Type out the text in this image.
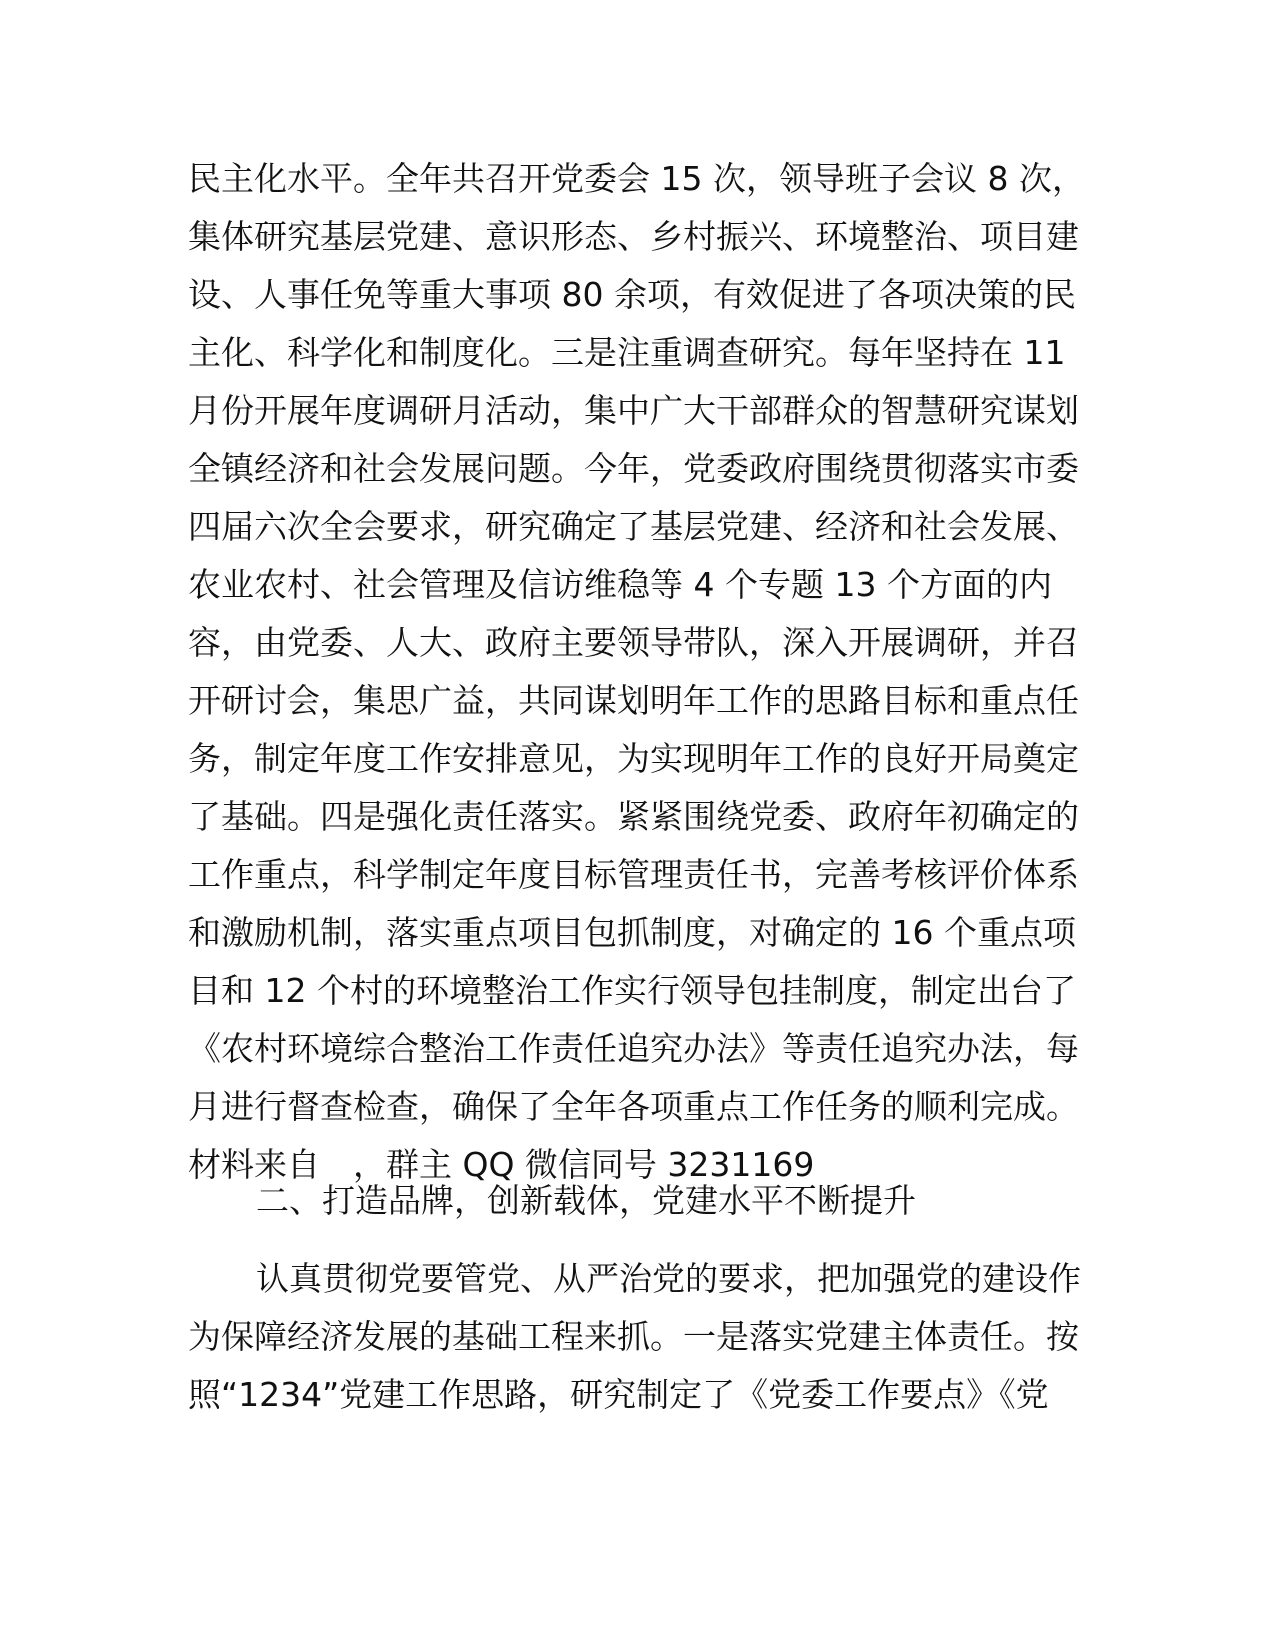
民主化水平。全年共召开党委会 15 次，领导班子会议 8 次，
集体研究基层党建、意识形态、乡村振兴、环境整治、项目建
设、人事任免等重大事项 80 余项，有效促进了各项决策的民
主化、科学化和制度化。三是注重调查研究。每年坚持在 11
月份开展年度调研月活动，集中广大干部群众的智慧研究谋划
全镇经济和社会发展问题。今年，党委政府围绕贯彻落实市委
四届六次全会要求，研究确定了基层党建、经济和社会发展、
农业农村、社会管理及信访维稳等 4 个专题 13 个方面的内
容，由党委、人大、政府主要领导带队，深入开展调研，并召
开研讨会，集思广益，共同谋划明年工作的思路目标和重点任
务，制定年度工作安排意见，为实现明年工作的良好开局奠定
了基础。四是强化责任落实。紧紧围绕党委、政府年初确定的
工作重点，科学制定年度目标管理责任书，完善考核评价体系
和激励机制，落实重点项目包抓制度，对确定的 16 个重点项
目和 12 个村的环境整治工作实行领导包挂制度，制定出台了
《农村环境综合整治工作责任追究办法》等责任追究办法，每
月进行督查检查，确保了全年各项重点工作任务的顺利完成。
材料来自　，群主 QQ 微信同号 3231169
二、打造品牌，创新载体，党建水平不断提升
认真贯彻党要管党、从严治党的要求，把加强党的建设作
为保障经济发展的基础工程来抓。一是落实党建主体责任。按
照“1234”党建工作思路，研究制定了《党委工作要点》《党
